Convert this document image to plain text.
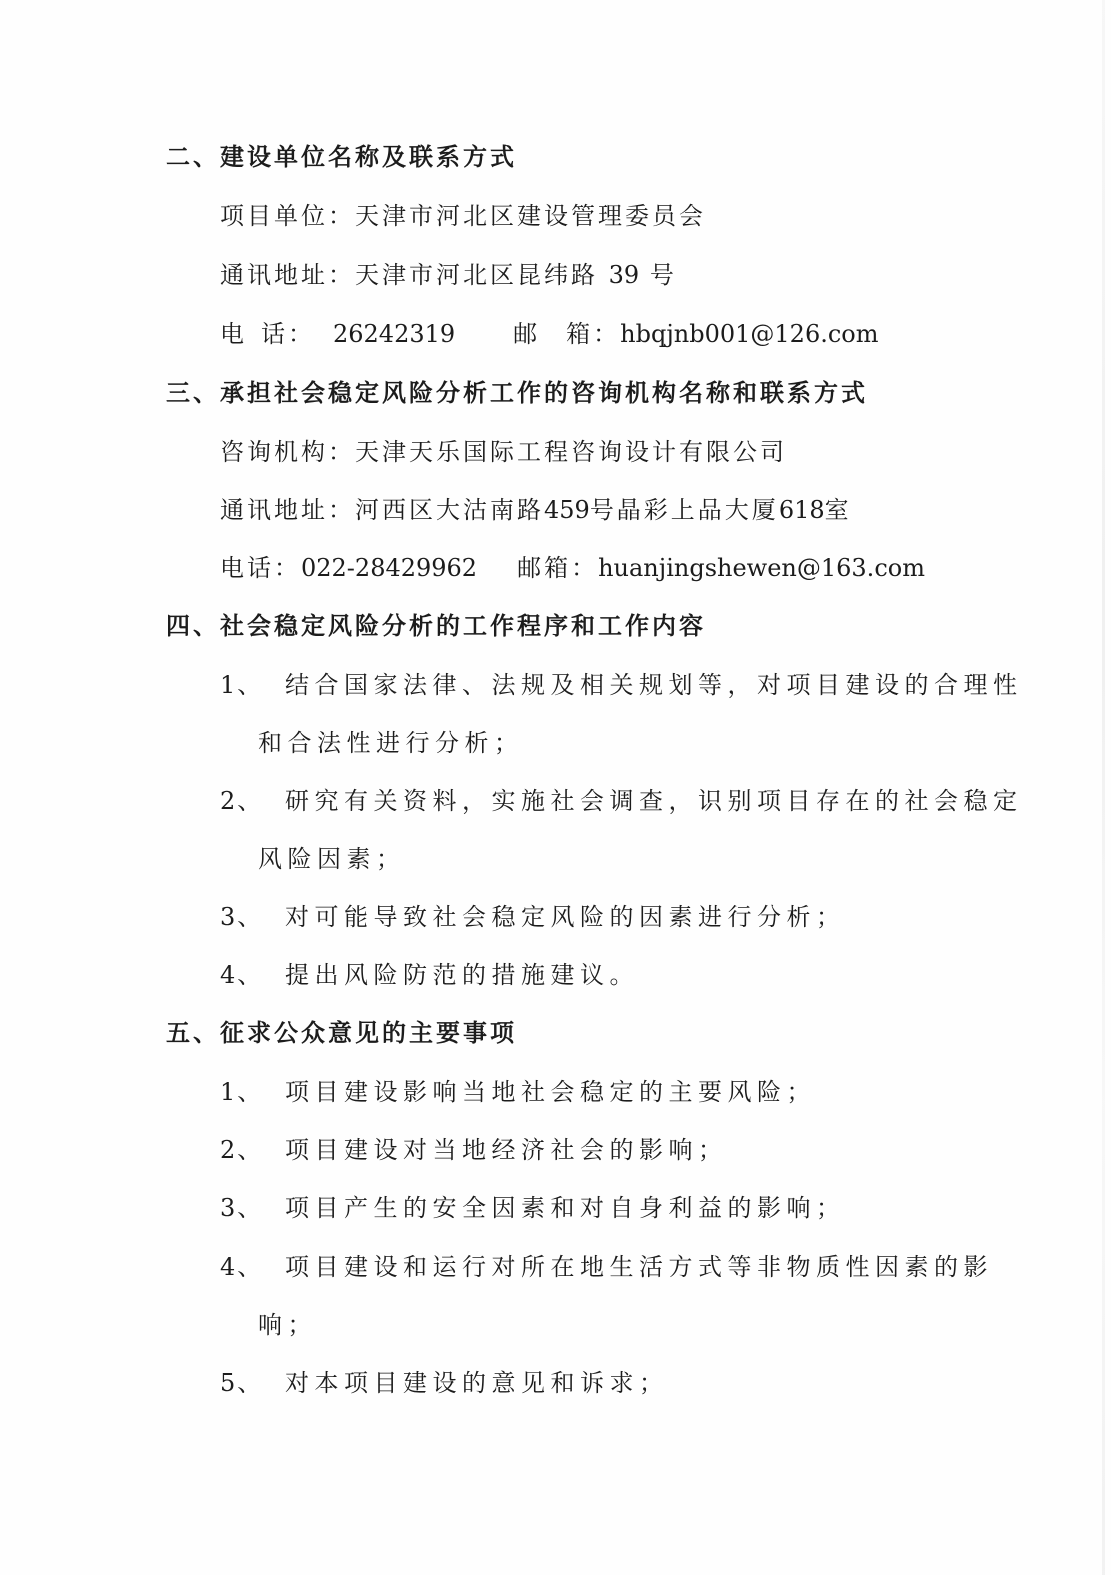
二、建设单位名称及联系方式
项目单位：天津市河北区建设管理委员会
通讯地址：天津市河北区昆纬路 39 号
电 话： 26242319 邮 箱：hbqjnb001@126.com
三、承担社会稳定风险分析工作的咨询机构名称和联系方式
咨询机构：天津天乐国际工程咨询设计有限公司
通讯地址：河西区大沽南路459号晶彩上品大厦618室
电话：022-28429962 邮箱：huanjingshewen@163.com
四、社会稳定风险分析的工作程序和工作内容
1、 结合国家法律、法规及相关规划等，对项目建设的合理性
和合法性进行分析；
2、 研究有关资料，实施社会调查，识别项目存在的社会稳定
风险因素；
3、 对可能导致社会稳定风险的因素进行分析；
4、 提出风险防范的措施建议。
五、征求公众意见的主要事项
1、 项目建设影响当地社会稳定的主要风险；
2、 项目建设对当地经济社会的影响；
3、 项目产生的安全因素和对自身利益的影响；
4、 项目建设和运行对所在地生活方式等非物质性因素的影
响；
5、 对本项目建设的意见和诉求；
